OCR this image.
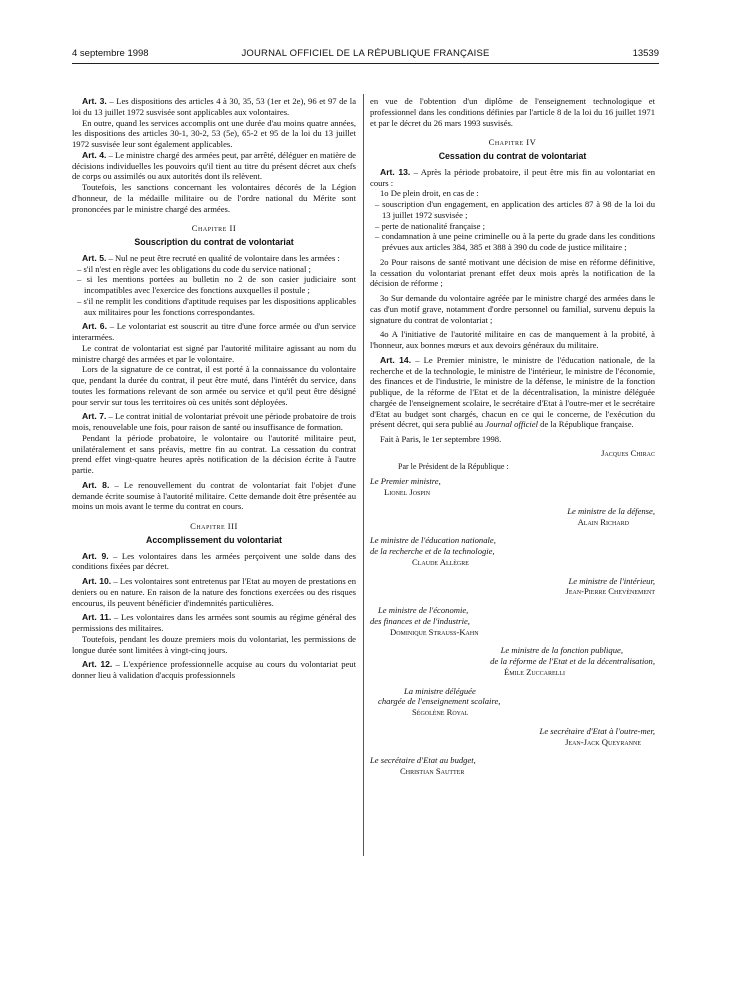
4 septembre 1998	JOURNAL OFFICIEL DE LA RÉPUBLIQUE FRANÇAISE	13539

Art. 3. – Les dispositions des articles 4 à 30, 35, 53 (1er et 2e), 96 et 97 de la loi du 13 juillet 1972 susvisée sont applicables aux volontaires.

En outre, quand les services accomplis ont une durée d'au moins quatre années, les dispositions des articles 30-1, 30-2, 53 (5e), 65-2 et 95 de la loi du 13 juillet 1972 susvisée leur sont également applicables.

Art. 4. – Le ministre chargé des armées peut, par arrêté, déléguer en matière de décisions individuelles les pouvoirs qu'il tient au titre du présent décret aux chefs de corps ou assimilés ou aux autorités dont ils relèvent.

Toutefois, les sanctions concernant les volontaires décorés de la Légion d'honneur, de la médaille militaire ou de l'ordre national du Mérite sont prononcées par le ministre chargé des armées.

Chapitre II

Souscription du contrat de volontariat

Art. 5. – Nul ne peut être recruté en qualité de volontaire dans les armées :

– s'il n'est en règle avec les obligations du code du service national ;
– si les mentions portées au bulletin no 2 de son casier judiciaire sont incompatibles avec l'exercice des fonctions auxquelles il postule ;
– s'il ne remplit les conditions d'aptitude requises par les dispositions applicables aux militaires pour les fonctions correspondantes.

Art. 6. – Le volontariat est souscrit au titre d'une force armée ou d'un service interarmées.

Le contrat de volontariat est signé par l'autorité militaire agissant au nom du ministre chargé des armées et par le volontaire.

Lors de la signature de ce contrat, il est porté à la connaissance du volontaire que, pendant la durée du contrat, il peut être muté, dans l'intérêt du service, dans toutes les formations relevant de son armée ou service et qu'il peut être désigné pour servir sur tous les territoires où ces unités sont déployées.

Art. 7. – Le contrat initial de volontariat prévoit une période probatoire de trois mois, renouvelable une fois, pour raison de santé ou insuffisance de formation.

Pendant la période probatoire, le volontaire ou l'autorité militaire peut, unilatéralement et sans préavis, mettre fin au contrat. La cessation du contrat prend effet vingt-quatre heures après notification de la décision écrite à l'autre partie.

Art. 8. – Le renouvellement du contrat de volontariat fait l'objet d'une demande écrite soumise à l'autorité militaire. Cette demande doit être présentée au moins un mois avant le terme du contrat en cours.

Chapitre III

Accomplissement du volontariat

Art. 9. – Les volontaires dans les armées perçoivent une solde dans des conditions fixées par décret.

Art. 10. – Les volontaires sont entretenus par l'Etat au moyen de prestations en deniers ou en nature. En raison de la nature des fonctions exercées ou des risques encourus, ils peuvent bénéficier d'indemnités particulières.

Art. 11. – Les volontaires dans les armées sont soumis au régime général des permissions des militaires.

Toutefois, pendant les douze premiers mois du volontariat, les permissions de longue durée sont limitées à vingt-cinq jours.

Art. 12. – L'expérience professionnelle acquise au cours du volontariat peut donner lieu à validation d'acquis professionnels

en vue de l'obtention d'un diplôme de l'enseignement technologique et professionnel dans les conditions définies par l'article 8 de la loi du 16 juillet 1971 et par le décret du 26 mars 1993 susvisés.

Chapitre IV

Cessation du contrat de volontariat

Art. 13. – Après la période probatoire, il peut être mis fin au volontariat en cours :

1o De plein droit, en cas de :

– souscription d'un engagement, en application des articles 87 à 98 de la loi du 13 juillet 1972 susvisée ;
– perte de nationalité française ;
– condamnation à une peine criminelle ou à la perte du grade dans les conditions prévues aux articles 384, 385 et 388 à 390 du code de justice militaire ;

2o Pour raisons de santé motivant une décision de mise en réforme définitive, la cessation du volontariat prenant effet deux mois après la notification de la décision de réforme ;

3o Sur demande du volontaire agréée par le ministre chargé des armées dans le cas d'un motif grave, notamment d'ordre personnel ou familial, survenu depuis la signature du contrat de volontariat ;

4o A l'initiative de l'autorité militaire en cas de manquement à la probité, à l'honneur, aux bonnes mœurs et aux devoirs généraux du militaire.

Art. 14. – Le Premier ministre, le ministre de l'éducation nationale, de la recherche et de la technologie, le ministre de l'intérieur, le ministre de l'économie, des finances et de l'industrie, le ministre de la défense, le ministre de la fonction publique, de la réforme de l'Etat et de la décentralisation, la ministre déléguée chargée de l'enseignement scolaire, le secrétaire d'Etat à l'outre-mer et le secrétaire d'Etat au budget sont chargés, chacun en ce qui le concerne, de l'exécution du présent décret, qui sera publié au Journal officiel de la République française.

Fait à Paris, le 1er septembre 1998.

Jacques Chirac

Par le Président de la République :

Le Premier ministre,

Lionel Jospin

Le ministre de la défense,

Alain Richard

Le ministre de l'éducation nationale,

de la recherche et de la technologie,

Claude Allègre

Le ministre de l'intérieur,

Jean-Pierre Chevènement

Le ministre de l'économie,

des finances et de l'industrie,

Dominique Strauss-Kahn

Le ministre de la fonction publique,

de la réforme de l'Etat et de la décentralisation,

Émile Zuccarelli

La ministre déléguée

chargée de l'enseignement scolaire,

Ségolène Royal

Le secrétaire d'Etat à l'outre-mer,

Jean-Jack Queyranne

Le secrétaire d'Etat au budget,

Christian Sautter
